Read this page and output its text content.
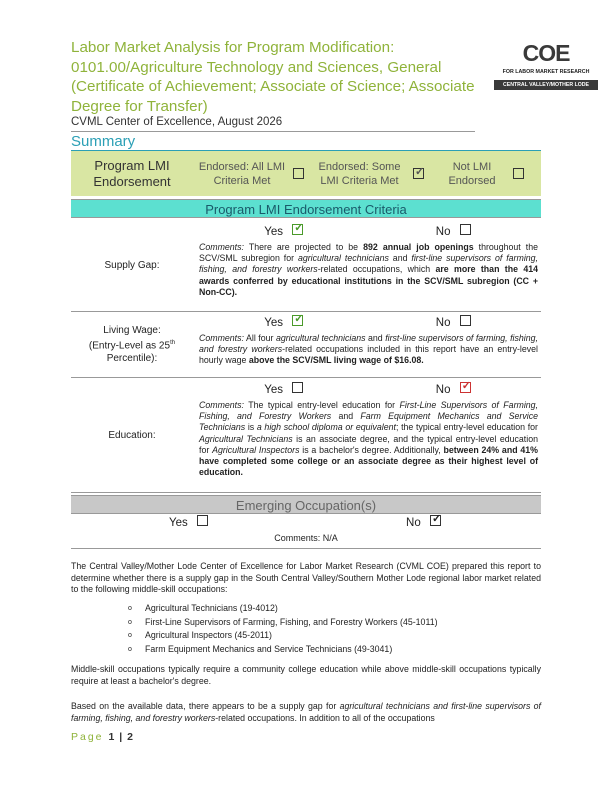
Labor Market Analysis for Program Modification: 0101.00/Agriculture Technology and Sciences, General (Certificate of Achievement; Associate of Science; Associate Degree for Transfer)
CVML Center of Excellence, August 2026
COE
FOR LABOR MARKET RESEARCH
CENTRAL VALLEY/MOTHER LODE
Summary
Program LMI Endorsement
Endorsed: All LMI Criteria Met
Endorsed: Some LMI Criteria Met
✓
Not LMI Endorsed
Program LMI Endorsement Criteria
Supply Gap:
Yes ✓	No
Comments: There are projected to be 892 annual job openings throughout the SCV/SML subregion for agricultural technicians and first-line supervisors of farming, fishing, and forestry workers-related occupations, which are more than the 414 awards conferred by educational institutions in the SCV/SML subregion (CC + Non-CC).
Living Wage:
(Entry-Level as 25th
Percentile):
Yes ✓	No
Comments: All four agricultural technicians and first-line supervisors of farming, fishing, and forestry workers-related occupations included in this report have an entry-level hourly wage above the SCV/SML living wage of $16.08.
Education:
Yes	No ✓
Comments: The typical entry-level education for First-Line Supervisors of Farming, Fishing, and Forestry Workers and Farm Equipment Mechanics and Service Technicians is a high school diploma or equivalent; the typical entry-level education for Agricultural Technicians is an associate degree, and the typical entry-level education for Agricultural Inspectors is a bachelor's degree. Additionally, between 24% and 41% have completed some college or an associate degree as their highest level of education.
Emerging Occupation(s)
Yes	No ✓
Comments: N/A
The Central Valley/Mother Lode Center of Excellence for Labor Market Research (CVML COE) prepared this report to determine whether there is a supply gap in the South Central Valley/Southern Mother Lode regional labor market related to the following middle-skill occupations:
o Agricultural Technicians (19-4012)
o First-Line Supervisors of Farming, Fishing, and Forestry Workers (45-1011)
o Agricultural Inspectors (45-2011)
o Farm Equipment Mechanics and Service Technicians (49-3041)
Middle-skill occupations typically require a community college education while above middle-skill occupations typically require at least a bachelor's degree.
Based on the available data, there appears to be a supply gap for agricultural technicians and first-line supervisors of farming, fishing, and forestry workers-related occupations. In addition to all of the occupations
Page 1 | 2
